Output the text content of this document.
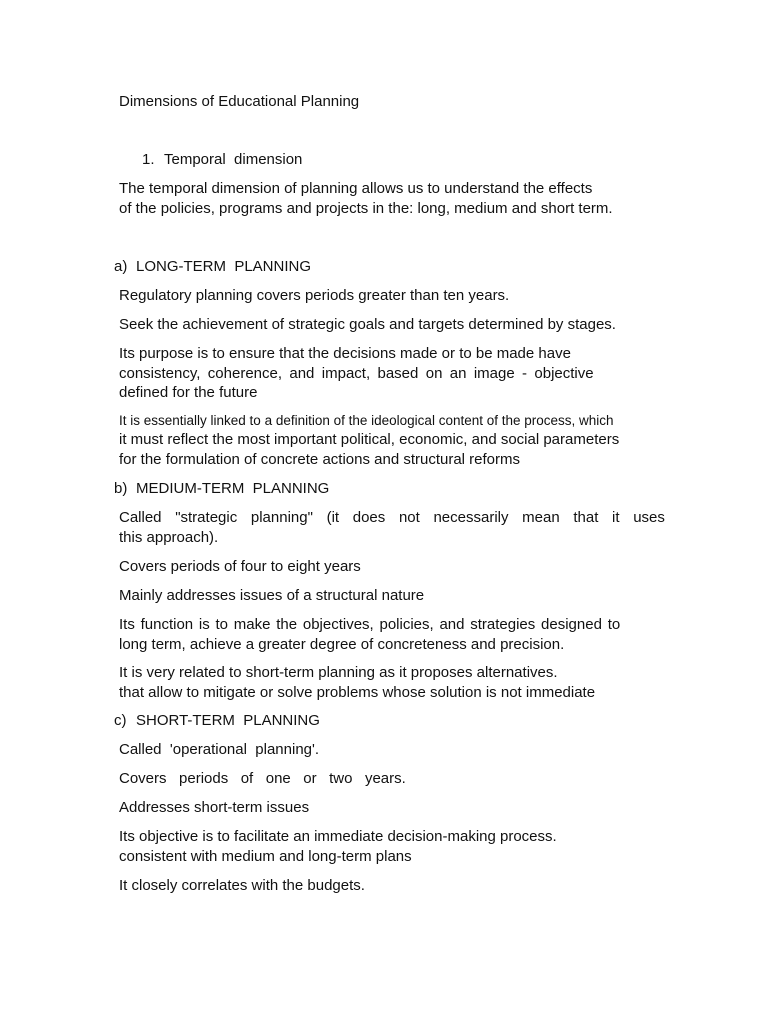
Dimensions of Educational Planning

1. Temporal  dimension

The temporal dimension of planning allows us to understand the effects
of the policies, programs and projects in the: long, medium and short term.

a) LONG-TERM  PLANNING

Regulatory planning covers periods greater than ten years.

Seek the achievement of strategic goals and targets determined by stages.

Its purpose is to ensure that the decisions made or to be made have
consistency, coherence, and impact, based on an image - objective
defined for the future
It is essentially linked to a definition of the ideological content of the process, which
it must reflect the most important political, economic, and social parameters
for the formulation of concrete actions and structural reforms

b) MEDIUM-TERM  PLANNING

Called "strategic planning" (it does not necessarily mean that it uses
this approach).

Covers periods of four to eight years

Mainly addresses issues of a structural nature

Its function is to make the objectives, policies, and strategies designed to
long term, achieve a greater degree of concreteness and precision.
It is very related to short-term planning as it proposes alternatives.
that allow to mitigate or solve problems whose solution is not immediate

c) SHORT-TERM  PLANNING

Called  'operational  planning'.

Covers   periods   of   one   or   two   years.

Addresses short-term issues

Its objective is to facilitate an immediate decision-making process.
consistent with medium and long-term plans

It closely correlates with the budgets.
